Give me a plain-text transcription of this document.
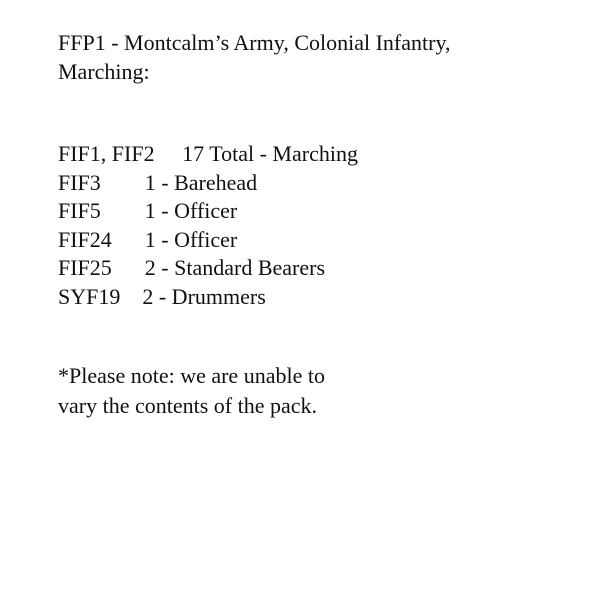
FFP1 - Montcalm’s Army, Colonial Infantry,
Marching:
FIF1, FIF2     17 Total - Marching
FIF3        1 - Barehead
FIF5        1 - Officer
FIF24      1 - Officer
FIF25      2 - Standard Bearers
SYF19    2 - Drummers

*Please note: we are unable to

vary the contents of the pack.
